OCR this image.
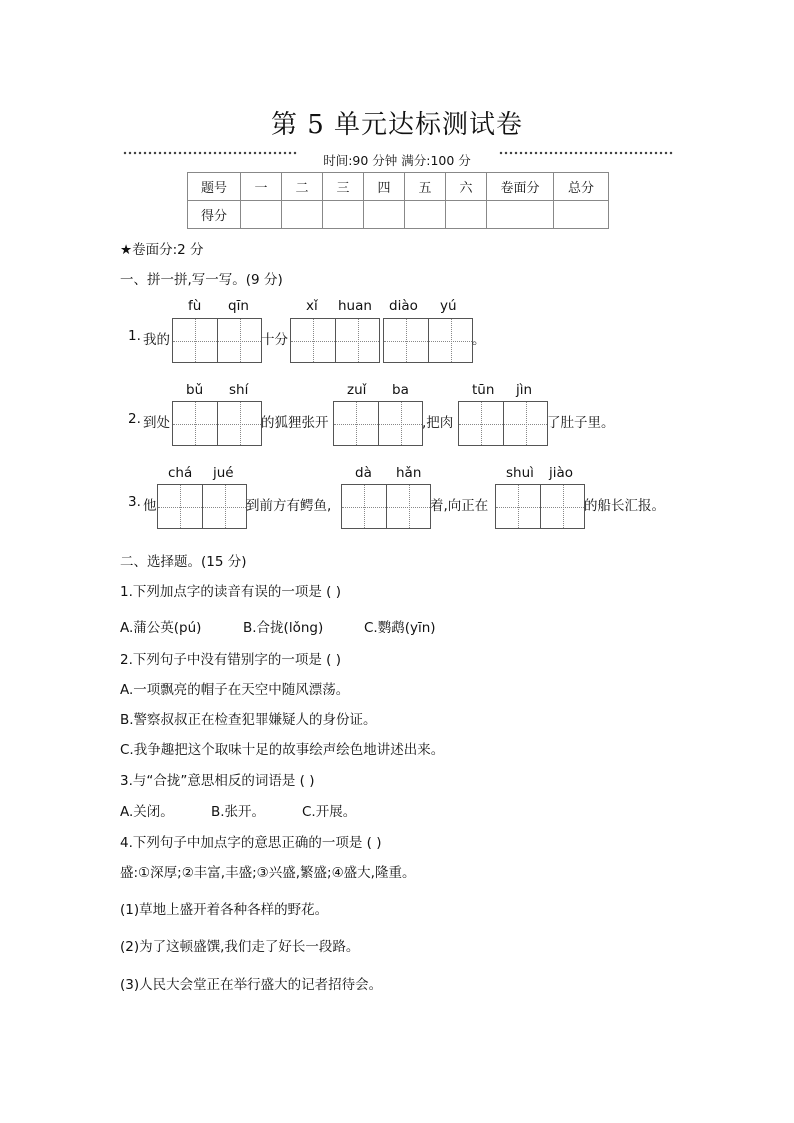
第 5 单元达标测试卷
时间:90 分钟 满分:100 分
题号	一	二	三	四	五	六	卷面分	总分
得分								
★卷面分:2 分
一、拼一拼,写一写。(9 分)
fù qīn	xǐ huan diào yú
1. 我的	十分	。
bǔ shí	zuǐ ba	tūn jìn
2. 到处	的狐狸张开	,把肉	了肚子里。
chá jué	dà hǎn	shuì jiào
3. 他	到前方有鳄鱼,	着,向正在	的船长汇报。
二、选择题。(15 分)
1.下列加点字的读音有误的一项是 ( )
A.蒲公英(pú)	B.合拢(lǒng)	C.鹦鹉(yīn)
2.下列句子中没有错别字的一项是 ( )
A.一项飘亮的帽子在天空中随风漂荡。
B.警察叔叔正在检查犯罪嫌疑人的身份证。
C.我争趣把这个取味十足的故事绘声绘色地讲述出来。
3.与“合拢”意思相反的词语是 ( )
A.关闭。	B.张开。	C.开展。
4.下列句子中加点字的意思正确的一项是 ( )
盛:①深厚;②丰富,丰盛;③兴盛,繁盛;④盛大,隆重。
(1)草地上盛开着各种各样的野花。
(2)为了这顿盛馔,我们走了好长一段路。
(3)人民大会堂正在举行盛大的记者招待会。
